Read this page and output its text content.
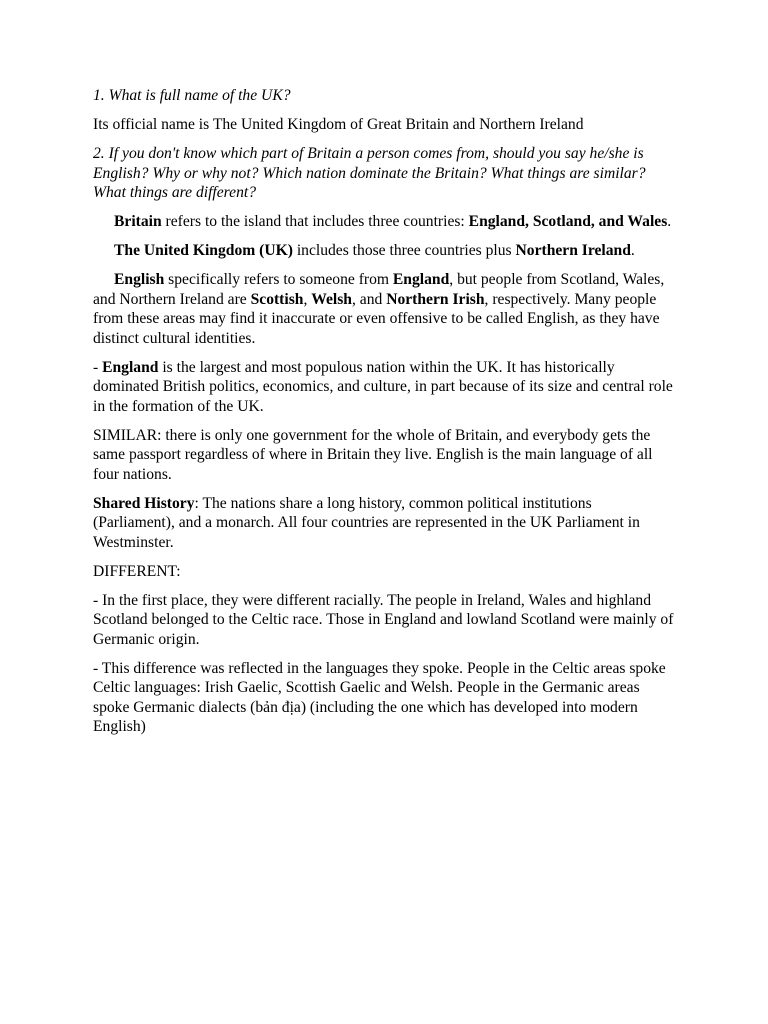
1. What is full name of the UK?

Its official name is The United Kingdom of Great Britain and Northern Ireland

2. If you don't know which part of Britain a person comes from, should you say he/she is English? Why or why not? Which nation dominate the Britain? What things are similar? What things are different?

Britain refers to the island that includes three countries: England, Scotland, and Wales.

The United Kingdom (UK) includes those three countries plus Northern Ireland.

English specifically refers to someone from England, but people from Scotland, Wales, and Northern Ireland are Scottish, Welsh, and Northern Irish, respectively. Many people from these areas may find it inaccurate or even offensive to be called English, as they have distinct cultural identities.

- England is the largest and most populous nation within the UK. It has historically dominated British politics, economics, and culture, in part because of its size and central role in the formation of the UK.

SIMILAR: there is only one government for the whole of Britain, and everybody gets the same passport regardless of where in Britain they live. English is the main language of all four nations.

Shared History: The nations share a long history, common political institutions (Parliament), and a monarch. All four countries are represented in the UK Parliament in Westminster.

DIFFERENT:

- In the first place, they were different racially. The people in Ireland, Wales and highland Scotland belonged to the Celtic race. Those in England and lowland Scotland were mainly of Germanic origin.

- This difference was reflected in the languages they spoke. People in the Celtic areas spoke Celtic languages: Irish Gaelic, Scottish Gaelic and Welsh. People in the Germanic areas spoke Germanic dialects (bản địa) (including the one which has developed into modern English)
